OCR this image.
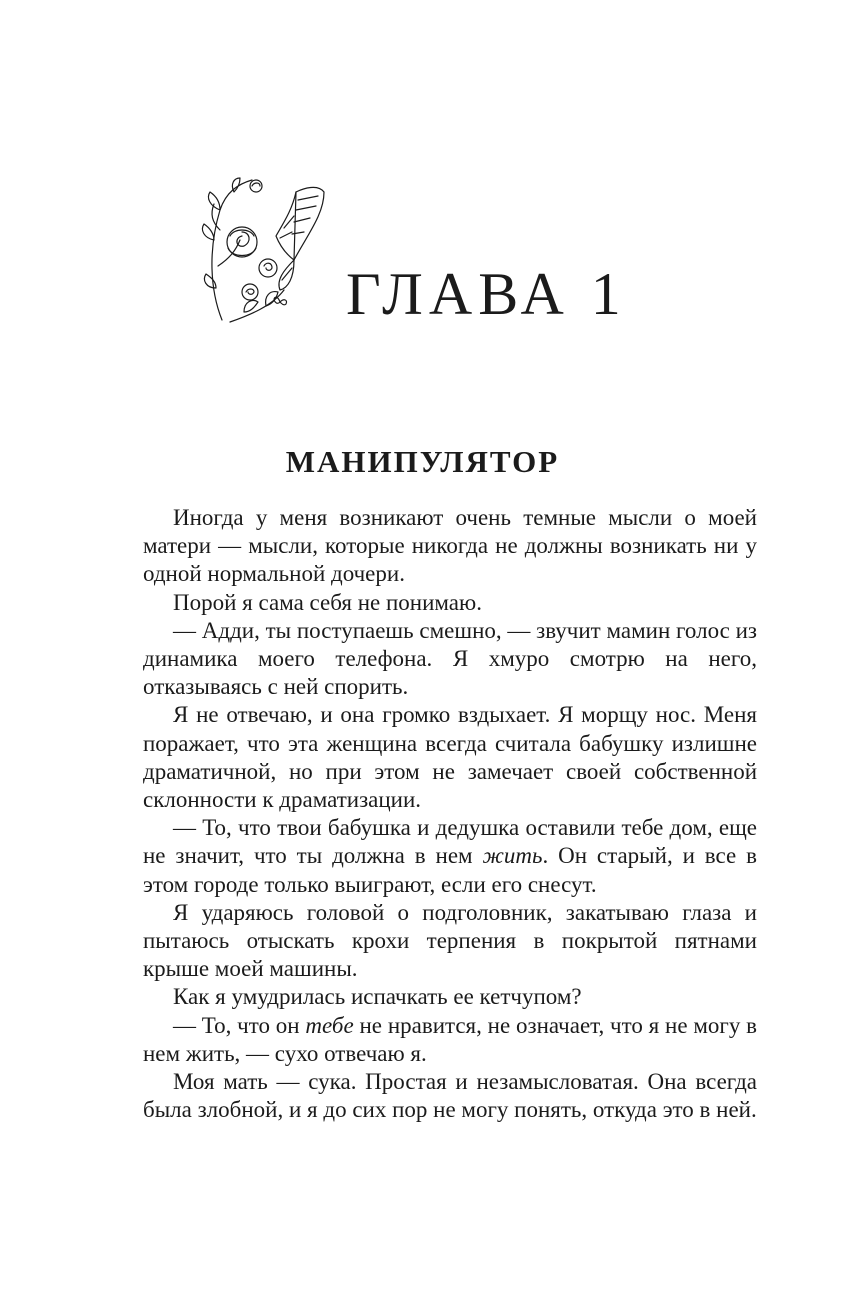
ГЛАВА 1
МАНИПУЛЯТОР

Иногда у меня возникают очень темные мысли о моей матери — мысли, которые никогда не должны возникать ни у одной нормальной дочери.

Порой я сама себя не понимаю.

— Адди, ты поступаешь смешно, — звучит мамин голос из динамика моего телефона. Я хмуро смотрю на него, отказываясь с ней спорить.

Я не отвечаю, и она громко вздыхает. Я морщу нос. Меня поражает, что эта женщина всегда считала бабушку излишне драматичной, но при этом не замечает своей собственной склонности к драматизации.

— То, что твои бабушка и дедушка оставили тебе дом, еще не значит, что ты должна в нем жить. Он старый, и все в этом городе только выиграют, если его снесут.

Я ударяюсь головой о подголовник, закатываю глаза и пытаюсь отыскать крохи терпения в покрытой пятнами крыше моей машины.

Как я умудрилась испачкать ее кетчупом?

— То, что он тебе не нравится, не означает, что я не могу в нем жить, — сухо отвечаю я.

Моя мать — сука. Простая и незамысловатая. Она всегда была злобной, и я до сих пор не могу понять, откуда это в ней.
